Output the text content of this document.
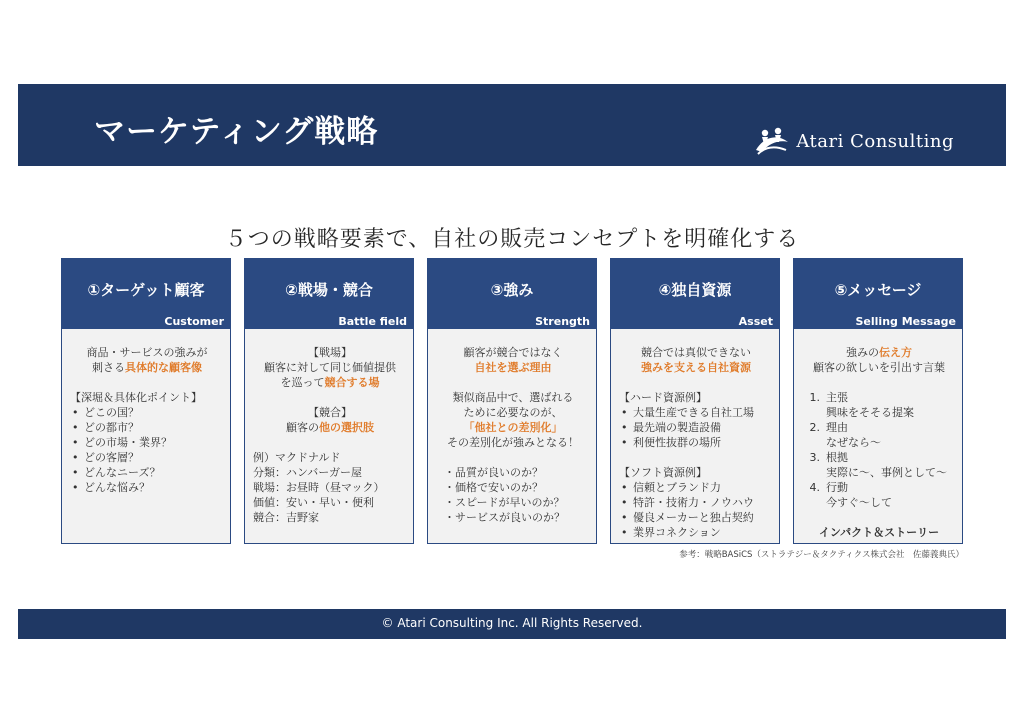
マーケティング戦略	Atari Consulting
５つの戦略要素で、自社の販売コンセプトを明確化する
①ターゲット顧客
Customer
商品・サービスの強みが
刺さる具体的な顧客像
【深堀＆具体化ポイント】
• どこの国？
• どの都市？
• どの市場・業界？
• どの客層？
• どんなニーズ？
• どんな悩み？
②戦場・競合
Battle field
【戦場】
顧客に対して同じ価値提供
を巡って競合する場
【競合】
顧客の他の選択肢
例）マクドナルド
分類：ハンバーガー屋
戦場：お昼時（昼マック）
価値：安い・早い・便利
競合：吉野家
③強み
Strength
顧客が競合ではなく
自社を選ぶ理由
類似商品中で、選ばれる
ために必要なのが、
「他社との差別化」
その差別化が強みとなる！
・品質が良いのか？
・価格で安いのか？
・スピードが早いのか？
・サービスが良いのか？
④独自資源
Asset
競合では真似できない
強みを支える自社資源
【ハード資源例】
• 大量生産できる自社工場
• 最先端の製造設備
• 利便性抜群の場所
【ソフト資源例】
• 信頼とブランド力
• 特許・技術力・ノウハウ
• 優良メーカーと独占契約
• 業界コネクション
⑤メッセージ
Selling Message
強みの伝え方
顧客の欲しいを引出す言葉
1. 主張
興味をそそる提案
2. 理由
なぜなら～
3. 根拠
実際に～、事例として～
4. 行動
今すぐ～して
インパクト＆ストーリー
参考：戦略BASiCS（ストラテジー＆タクティクス株式会社　佐藤義典氏）
© Atari Consulting Inc. All Rights Reserved.
